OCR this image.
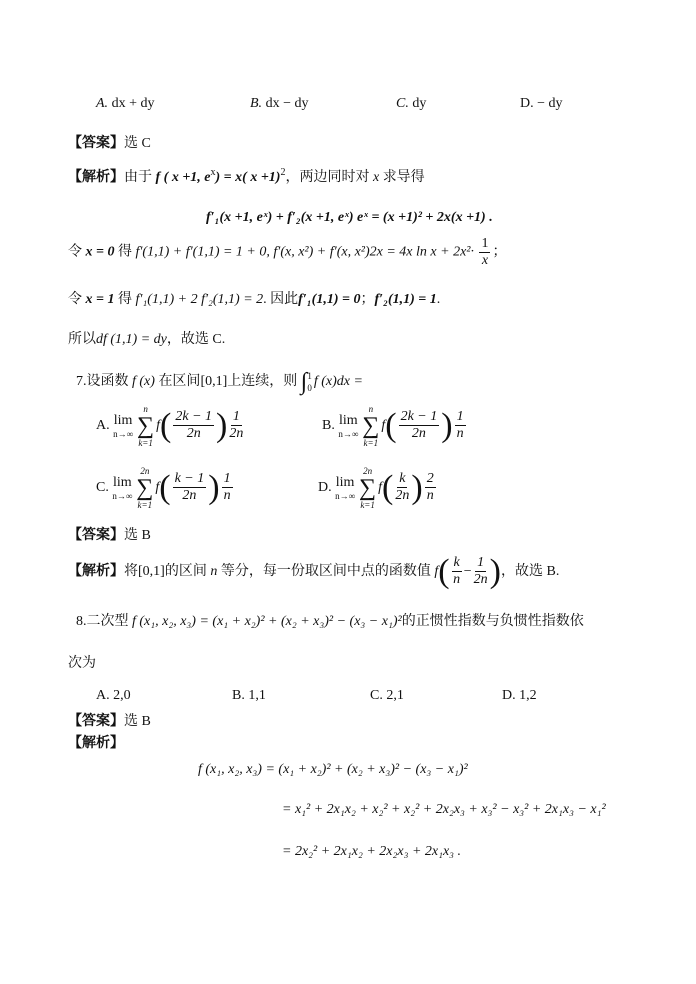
A. dx + dy	B. dx − dy	C. dy	D. − dy
【答案】选 C
【解析】由于 f ( x +1, $e^x) = x$( x +1)$^2$，两边同时对 x 求导得
f′₁(x +1, eˣ) + f′₂(x +1, eˣ) eˣ = (x +1)² + 2x(x +1) .
令 x = 0 得 f′(1,1) + f′(1,1) = 1 + 0, f′(x, x²) + f′(x, x²)2x = 4x $\ln x + 2x^2\cdot \frac{1}{x}$ ；
令 x = 1 得 f′₁(1,1) + 2 f′₂(1,1) = 2. 因此f′₁(1,1) = 0；f′₂(1,1) = 1.
所以df (1,1) = dy，故选 C.
7.设函数 f (x) 在区间[0,1]上连续，则 ∫ 1
0 f (x)dx =
A. lim
n→∞
n
∑
k=1
$f( \frac{2k - 1}{2n}$ ) $\frac{1}{2n}$	B. lim
n→∞
n
∑
k=1
$f( \frac{2k - 1}{2n}$ ) $\frac{1}{n}$
C. lim
n→∞
2n
∑
k=1
$f( \frac{k - 1}{2n}$ ) $\frac{1}{n}$	D. lim
n→∞
2n
∑
k=1
$f( \frac{k}{2n}$ ) $\frac{2}{n}$
【答案】选 B
【解析】将[0,1]的区间 n 等分，每一份取区间中点的函数值 $f( \frac{k}{n} - \frac{1}{2n}$ )，故选 B.
8.二次型 f (x₁, x₂, x₃) = (x₁ + x₂)² + (x₂ + x₃)² − (x₃ − x₁)²的正惯性指数与负惯性指数依
次为
A. 2,0	B. 1,1	C. 2,1	D. 1,2
【答案】选 B
【解析】
f (x₁, x₂, x₃) = (x₁ + x₂)² + (x₂ + x₃)² − (x₃ − x₁)²
= x₁² + 2x₁x₂ + x₂² + x₂² + 2x₂x₃ + x₃² − x₃² + 2x₁x₃ − x₁²
= 2x₂² + 2x₁x₂ + 2x₂x₃ + 2x₁x₃ .
